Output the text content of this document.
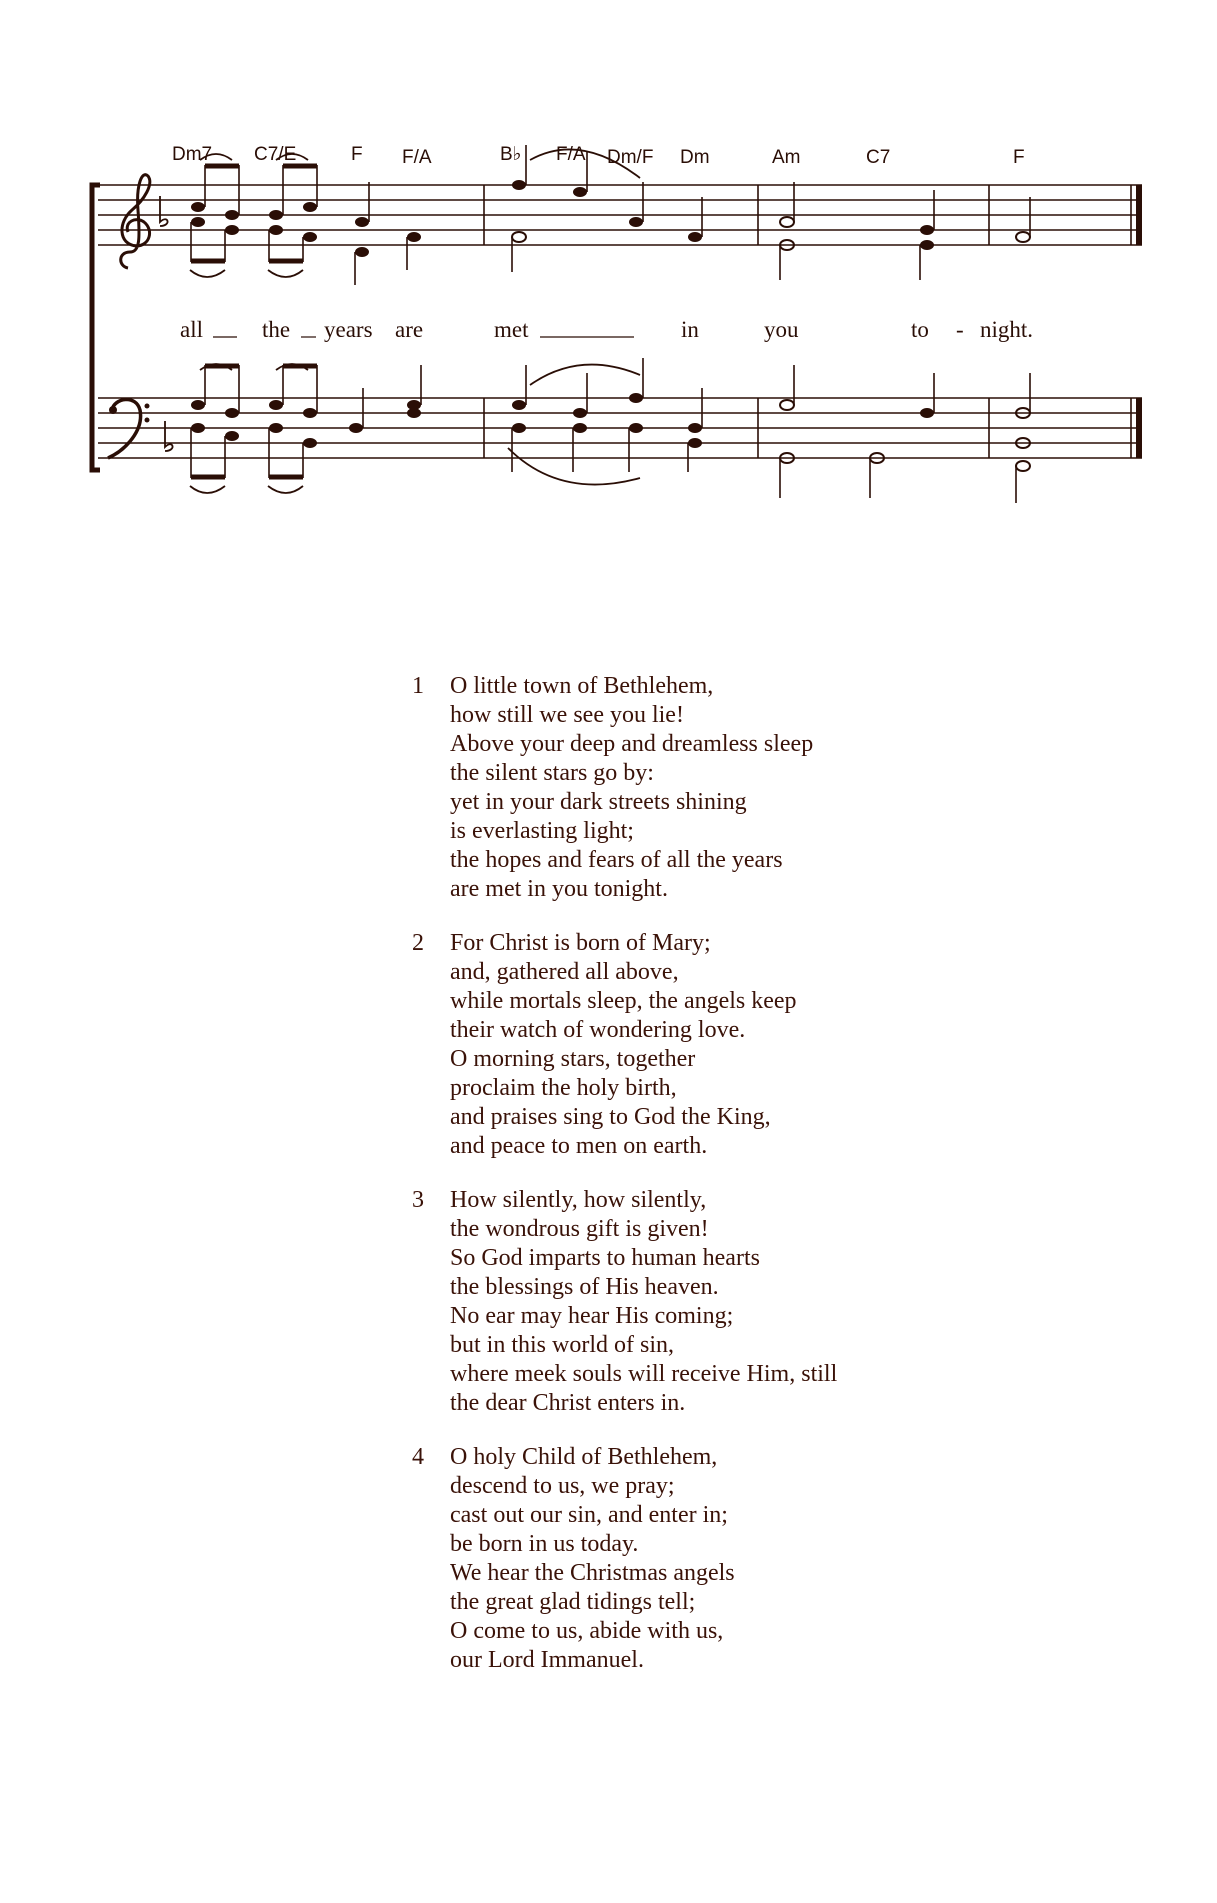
Dm7 C7/E	F F/A	B♭ F/A Dm/F Dm	Am	C7	F
all	the years are	met	in	you	to - night.
1 O little town of Bethlehem,
how still we see you lie!
Above your deep and dreamless sleep
the silent stars go by:
yet in your dark streets shining
is everlasting light;
the hopes and fears of all the years
are met in you tonight.
2 For Christ is born of Mary;
and, gathered all above,
while mortals sleep, the angels keep
their watch of wondering love.
O morning stars, together
proclaim the holy birth,
and praises sing to God the King,
and peace to men on earth.
3 How silently, how silently,
the wondrous gift is given!
So God imparts to human hearts
the blessings of His heaven.
No ear may hear His coming;
but in this world of sin,
where meek souls will receive Him, still
the dear Christ enters in.
4 O holy Child of Bethlehem,
descend to us, we pray;
cast out our sin, and enter in;
be born in us today.
We hear the Christmas angels
the great glad tidings tell;
O come to us, abide with us,
our Lord Immanuel.
